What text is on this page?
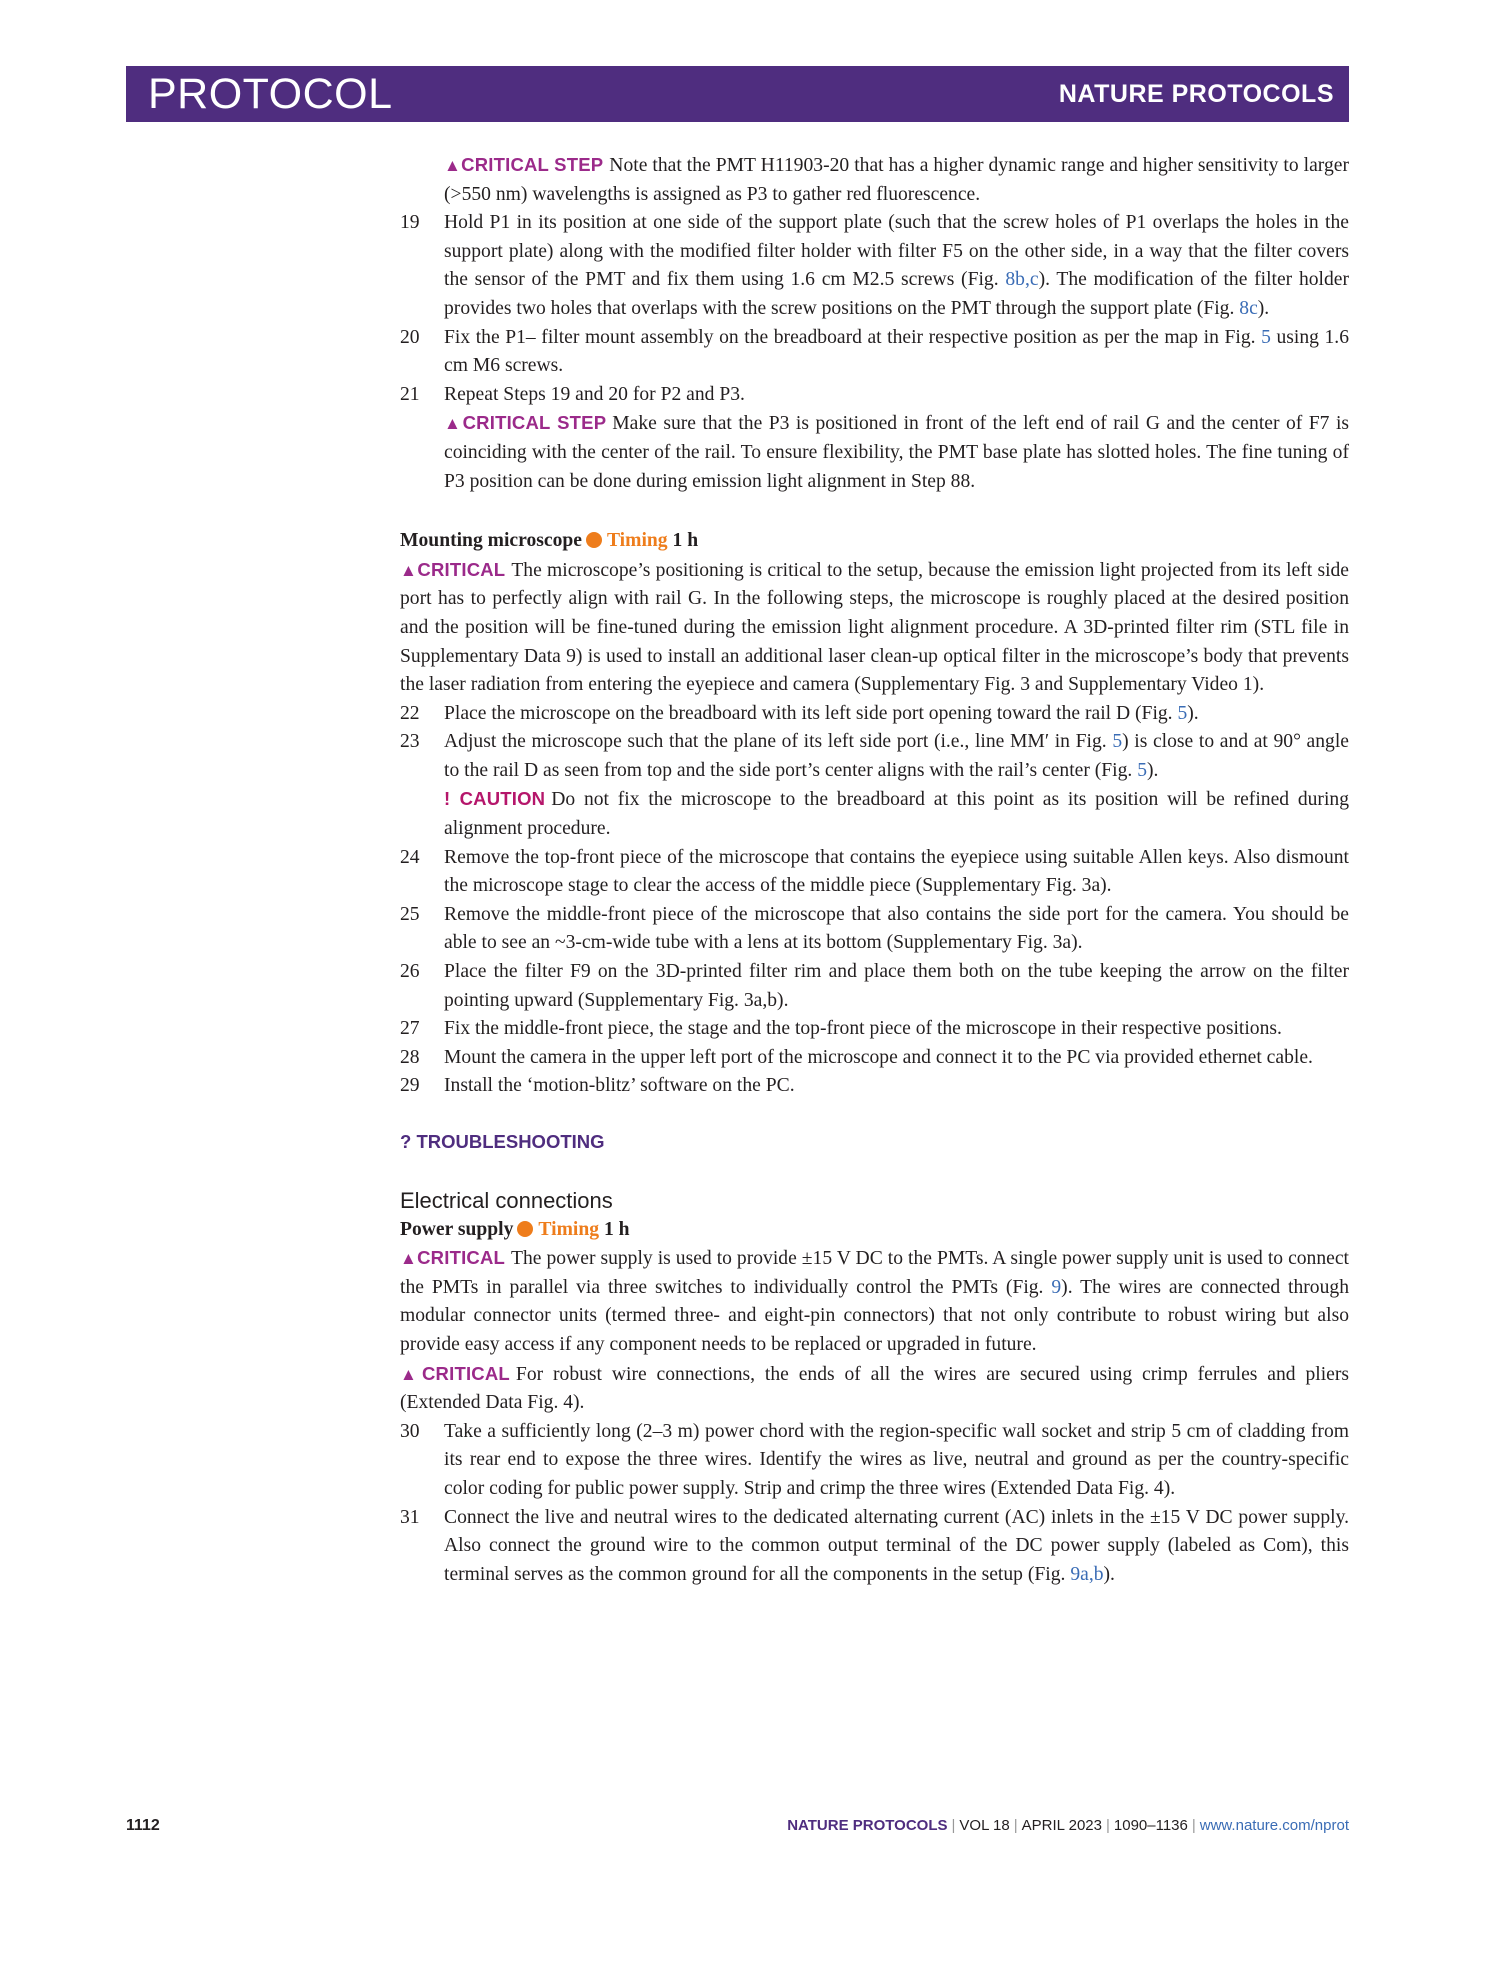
PROTOCOL	NATURE PROTOCOLS

▲CRITICAL STEP Note that the PMT H11903-20 that has a higher dynamic range and higher sensitivity to larger (>550 nm) wavelengths is assigned as P3 to gather red fluorescence.

19 Hold P1 in its position at one side of the support plate (such that the screw holes of P1 overlaps the holes in the support plate) along with the modified filter holder with filter F5 on the other side, in a way that the filter covers the sensor of the PMT and fix them using 1.6 cm M2.5 screws (Fig. 8b,c). The modification of the filter holder provides two holes that overlaps with the screw positions on the PMT through the support plate (Fig. 8c).

20 Fix the P1– filter mount assembly on the breadboard at their respective position as per the map in Fig. 5 using 1.6 cm M6 screws.

21 Repeat Steps 19 and 20 for P2 and P3.

▲CRITICAL STEP Make sure that the P3 is positioned in front of the left end of rail G and the center of F7 is coinciding with the center of the rail. To ensure flexibility, the PMT base plate has slotted holes. The fine tuning of P3 position can be done during emission light alignment in Step 88.

Mounting microscope Timing 1 h

▲CRITICAL The microscope’s positioning is critical to the setup, because the emission light projected from its left side port has to perfectly align with rail G. In the following steps, the microscope is roughly placed at the desired position and the position will be fine-tuned during the emission light alignment procedure. A 3D-printed filter rim (STL file in Supplementary Data 9) is used to install an additional laser clean-up optical filter in the microscope’s body that prevents the laser radiation from entering the eyepiece and camera (Supplementary Fig. 3 and Supplementary Video 1).

22 Place the microscope on the breadboard with its left side port opening toward the rail D (Fig. 5).

23 Adjust the microscope such that the plane of its left side port (i.e., line MM′ in Fig. 5) is close to and at 90° angle to the rail D as seen from top and the side port’s center aligns with the rail’s center (Fig. 5).

! CAUTION Do not fix the microscope to the breadboard at this point as its position will be refined during alignment procedure.

24 Remove the top-front piece of the microscope that contains the eyepiece using suitable Allen keys. Also dismount the microscope stage to clear the access of the middle piece (Supplementary Fig. 3a).

25 Remove the middle-front piece of the microscope that also contains the side port for the camera. You should be able to see an ~3-cm-wide tube with a lens at its bottom (Supplementary Fig. 3a).

26 Place the filter F9 on the 3D-printed filter rim and place them both on the tube keeping the arrow on the filter pointing upward (Supplementary Fig. 3a,b).

27 Fix the middle-front piece, the stage and the top-front piece of the microscope in their respective positions.

28 Mount the camera in the upper left port of the microscope and connect it to the PC via provided ethernet cable.

29 Install the ‘motion-blitz’ software on the PC.

? TROUBLESHOOTING

Electrical connections

Power supply Timing 1 h

▲CRITICAL The power supply is used to provide ±15 V DC to the PMTs. A single power supply unit is used to connect the PMTs in parallel via three switches to individually control the PMTs (Fig. 9). The wires are connected through modular connector units (termed three- and eight-pin connectors) that not only contribute to robust wiring but also provide easy access if any component needs to be replaced or upgraded in future.

▲CRITICAL For robust wire connections, the ends of all the wires are secured using crimp ferrules and pliers (Extended Data Fig. 4).

30 Take a sufficiently long (2–3 m) power chord with the region-specific wall socket and strip 5 cm of cladding from its rear end to expose the three wires. Identify the wires as live, neutral and ground as per the country-specific color coding for public power supply. Strip and crimp the three wires (Extended Data Fig. 4).

31 Connect the live and neutral wires to the dedicated alternating current (AC) inlets in the ±15 V DC power supply. Also connect the ground wire to the common output terminal of the DC power supply (labeled as Com), this terminal serves as the common ground for all the components in the setup (Fig. 9a,b).

1112	NATURE PROTOCOLS | VOL 18 | APRIL 2023 | 1090–1136 | www.nature.com/nprot
